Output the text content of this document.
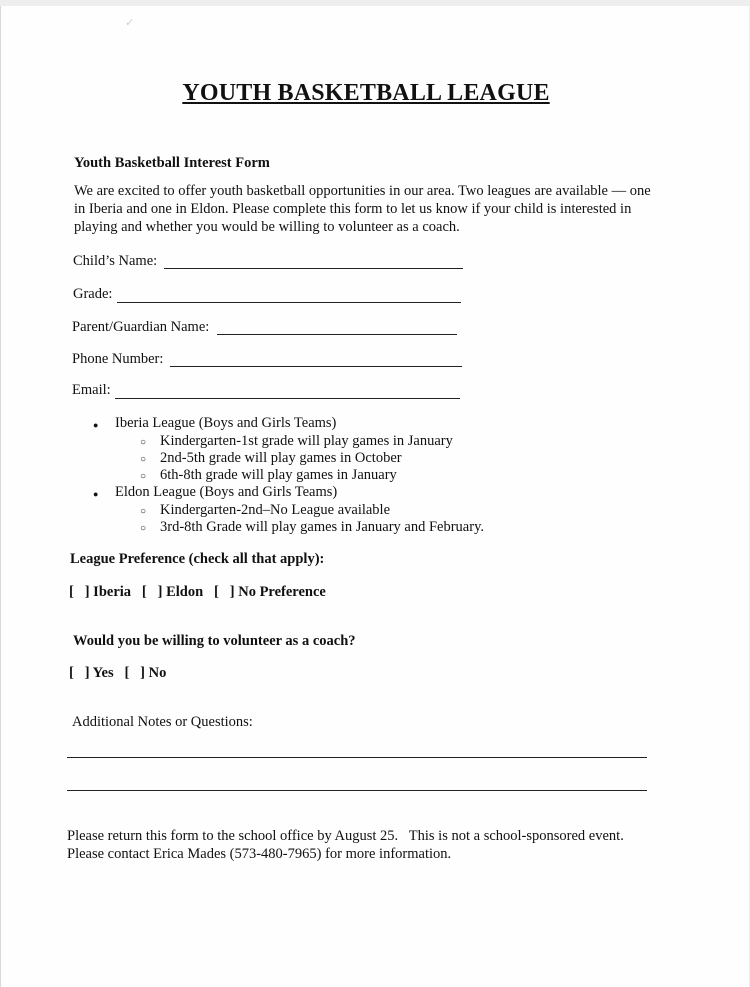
✓
YOUTH BASKETBALL LEAGUE
Youth Basketball Interest Form
We are excited to offer youth basketball opportunities in our area. Two leagues are available — one in Iberia and one in Eldon. Please complete this form to let us know if your child is interested in playing and whether you would be willing to volunteer as a coach.
Child’s Name:
Grade:
Parent/Guardian Name:
Phone Number:
Email:
● Iberia League (Boys and Girls Teams)
○ Kindergarten-1st grade will play games in January
○ 2nd-5th grade will play games in October
○ 6th-8th grade will play games in January
● Eldon League (Boys and Girls Teams)
○ Kindergarten-2nd–No League available
○ 3rd-8th Grade will play games in January and February.
League Preference (check all that apply):
[   ] Iberia [   ] Eldon [   ] No Preference
Would you be willing to volunteer as a coach?
[   ] Yes [   ] No
Additional Notes or Questions:
Please return this form to the school office by August 25.   This is not a school-sponsored event.
Please contact Erica Mades (573-480-7965) for more information.
